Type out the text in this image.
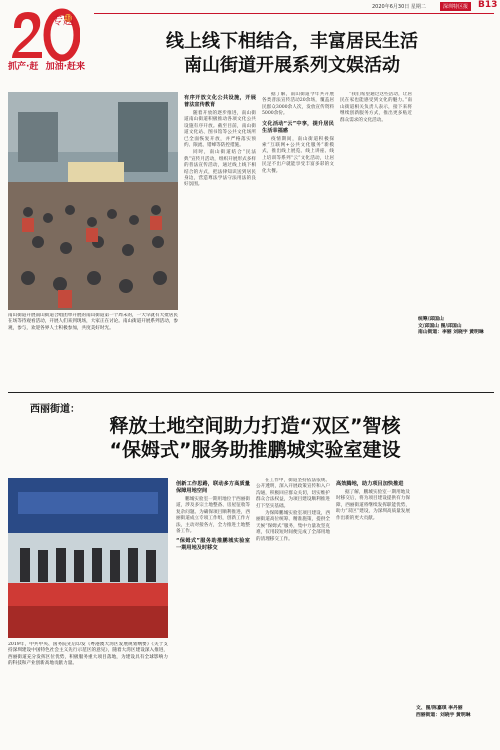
专题
抓产·赶 加油·赶来
2020年6月30日 星期二	深圳特区报	B13
线上线下相结合，丰富居民生活
南山街道开展系列文娱活动
南山街道开展南山街道合唱团单开展的南山街道第一个周末的，一大早就有大批居民在场等待观看活动，开展人们来到现场，大家正在讨论。南山街道开展系列活动，参观，参与，欢迎各界人士积极参加，共度美好时光。
有序开放文化公共设施，开展普法宣传教育

随着开放的逐步推进，南山街道南山街道积极推动各项文化公共设施有序开放。截至目前，南山街道文化站、图书馆等公共文化场所已全面恢复开放，并严格落实预约、限流、错峰等防控措施。

同时，南山街道结合“民法典”宣传月活动，组织开展形式多样的普法宣传活动，通过线上线下相结合的方式，把法律知识送到居民身边，营造尊法学法守法用法的良好氛围。

据了解，南山街道今年共开展各类普法宣传活动20余场，覆盖居民群众3000余人次，发放宣传资料5000余份。

文化活动“云”中享，提升居民生活幸福感

疫情期间，南山街道积极探索“互联网+公共文化服务”新模式，推出线上展览、线上讲座、线上培训等系列“云”文化活动，让居民足不出户就能享受丰富多彩的文化大餐。

“我们希望通过这些活动，让居民在家也能感受到文化的魅力。”南山街道相关负责人表示，接下来将继续创新服务方式，推出更多贴近群众需求的文化活动。

统筹/邱国山
文/邱国山 图/邱国山
南山街道：李丽 刘晓宇 黄明琳
西丽街道：
释放土地空间助力打造“双区”智核
“保姆式”服务助推鹏城实验室建设
2019年，中共中央、国务院先后印发《粤港澳大湾区发展规划纲要》《关于支持深圳建设中国特色社会主义先行示范区的意见》，随着大湾区建设深入推进，西丽街道充分发挥区位优势，积极服务重大项目落地，为建设具有全球影响力的科技和产业创新高地贡献力量。
创新工作思路，联动多方高质量保障用地空间

鹏城实验室一期用地位于西丽街道，涉及多宗土地整备、房屋征收等复杂问题。为确保项目顺利推进，西丽街道成立专项工作组，创新工作方法，主动对接各方，全力推进土地整备工作。

“保姆式”服务助推鹏城实验室一期用地及时移交

在工作中，街道坚持依法依规、公开透明，深入开展政策宣传和入户沟通，积极回应群众关切，切实维护群众合法权益，为项目建设顺利推进打下坚实基础。

为保障鹏城实验室项目建设，西丽街道高位统筹、精准施策，提供全天候“保姆式”服务，集中力量攻坚克难，仅用较短时间便完成了全部用地的清理移交工作。

高效腾地，助力项目加快推进

据了解，鹏城实验室一期用地及时移交后，将为项目建设提供有力保障，西丽街道将继续发挥职能优势，助力“双区”建设，为深圳高质量发展作出新的更大贡献。

文、图/陈嘉琪 李丹丽
西丽街道：刘晓宇 黄明琳
